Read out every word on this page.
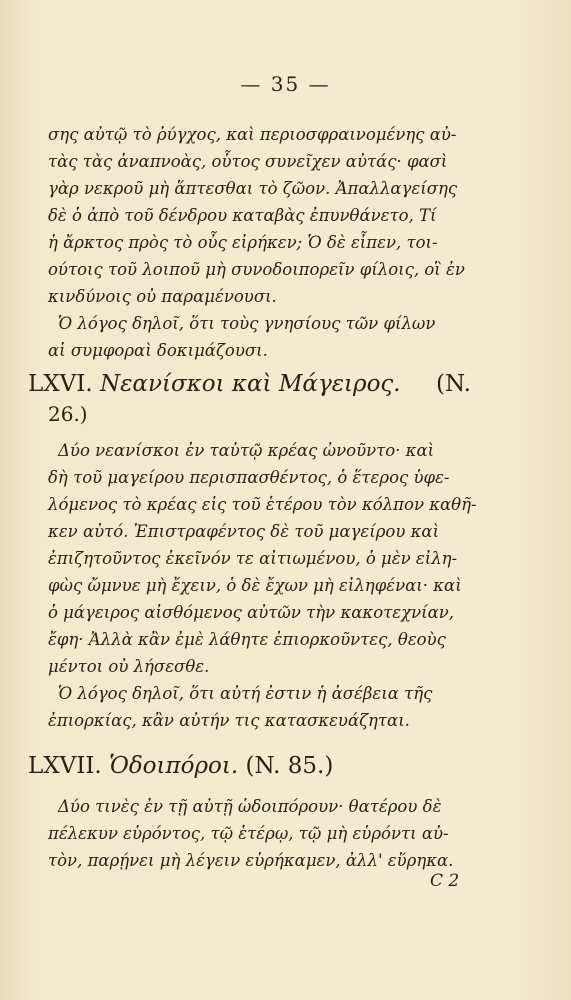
— 35 —
σης αὐτῷ τὸ ῥύγχος, καὶ περιοσφραινομένης αὐ-
τὰς τὰς ἀναπνοὰς, οὗτος συνεῖχεν αὐτάς· φασὶ
γὰρ νεκροῦ μὴ ἅπτεσθαι τὸ ζῶον. Ἀπαλλαγείσης
δὲ ὁ ἀπὸ τοῦ δένδρου καταβὰς ἐπυνθάνετο, Τί
ἡ ἄρκτος πρὸς τὸ οὖς εἰρήκεν; Ὁ δὲ εἶπεν, τοι-
ούτοις τοῦ λοιποῦ μὴ συνοδοιπορεῖν φίλοις, οἳ ἐν
κινδύνοις οὐ παραμένουσι.
Ὁ λόγος δηλοῖ, ὅτι τοὺς γνησίους τῶν φίλων
αἱ συμφοραὶ δοκιμάζουσι.
LXVI. Νεανίσκοι καὶ Μάγειρος. (N.
26.)
Δύο νεανίσκοι ἐν ταὐτῷ κρέας ὠνοῦντο· καὶ
δὴ τοῦ μαγείρου περισπασθέντος, ὁ ἕτερος ὑφε-
λόμενος τὸ κρέας εἰς τοῦ ἑτέρου τὸν κόλπον καθῆ-
κεν αὐτό. Ἐπιστραφέντος δὲ τοῦ μαγείρου καὶ
ἐπιζητοῦντος ἐκεῖνόν τε αἰτιωμένου, ὁ μὲν εἰλη-
φὼς ὤμνυε μὴ ἔχειν, ὁ δὲ ἔχων μὴ εἰληφέναι· καὶ
ὁ μάγειρος αἰσθόμενος αὐτῶν τὴν κακοτεχνίαν,
ἔφη· Ἀλλὰ κἂν ἐμὲ λάθητε ἐπιορκοῦντες, θεοὺς
μέντοι οὐ λήσεσθε.
Ὁ λόγος δηλοῖ, ὅτι αὐτή ἐστιν ἡ ἀσέβεια τῆς
ἐπιορκίας, κἂν αὐτήν τις κατασκευάζηται.
LXVII. Ὁδοιπόροι. (N. 85.)
Δύο τινὲς ἐν τῇ αὐτῇ ὡδοιπόρουν· θατέρου δὲ
πέλεκυν εὑρόντος, τῷ ἑτέρῳ, τῷ μὴ εὑρόντι αὐ-
τὸν, παρῄνει μὴ λέγειν εὑρήκαμεν, ἀλλ' εὕρηκα.
C 2
